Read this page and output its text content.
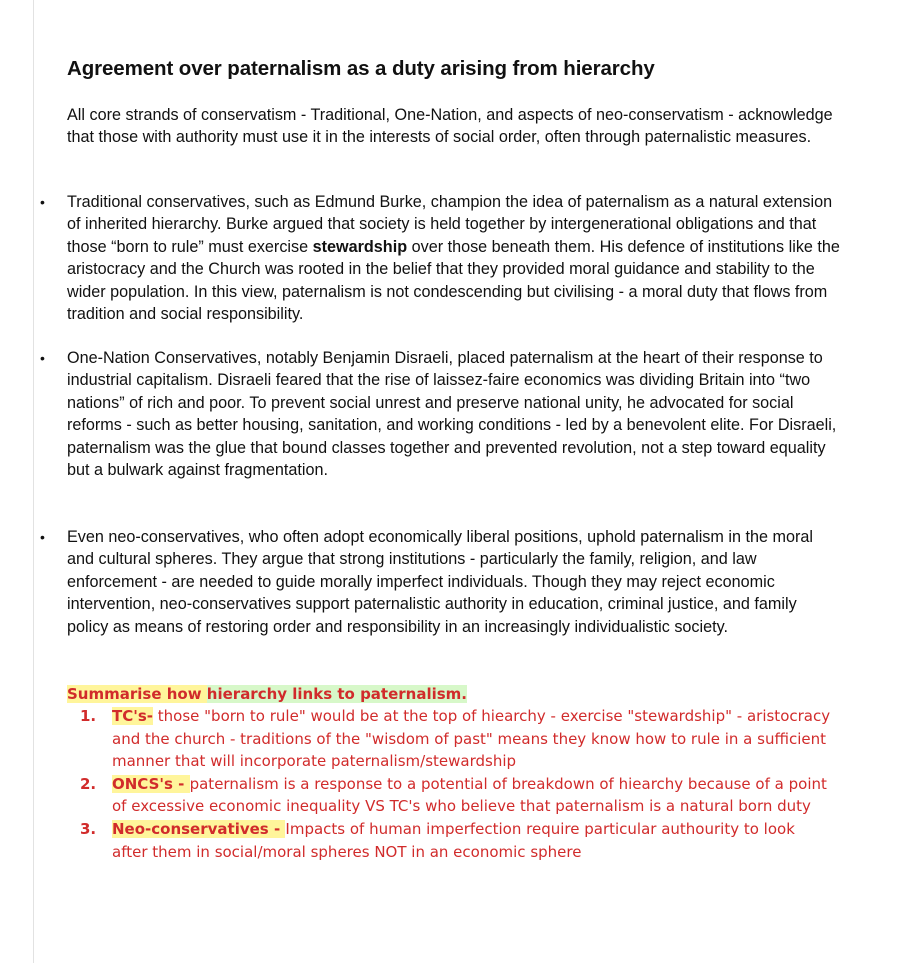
Agreement over paternalism as a duty arising from hierarchy

All core strands of conservatism - Traditional, One-Nation, and aspects of neo-conservatism - acknowledge that those with authority must use it in the interests of social order, often through paternalistic measures.

• Traditional conservatives, such as Edmund Burke, champion the idea of paternalism as a natural extension of inherited hierarchy. Burke argued that society is held together by intergenerational obligations and that those “born to rule” must exercise stewardship over those beneath them. His defence of institutions like the aristocracy and the Church was rooted in the belief that they provided moral guidance and stability to the wider population. In this view, paternalism is not condescending but civilising - a moral duty that flows from tradition and social responsibility.
• One-Nation Conservatives, notably Benjamin Disraeli, placed paternalism at the heart of their response to industrial capitalism. Disraeli feared that the rise of laissez-faire economics was dividing Britain into “two nations” of rich and poor. To prevent social unrest and preserve national unity, he advocated for social reforms - such as better housing, sanitation, and working conditions - led by a benevolent elite. For Disraeli, paternalism was the glue that bound classes together and prevented revolution, not a step toward equality but a bulwark against fragmentation.
• Even neo-conservatives, who often adopt economically liberal positions, uphold paternalism in the moral and cultural spheres. They argue that strong institutions - particularly the family, religion, and law enforcement - are needed to guide morally imperfect individuals. Though they may reject economic intervention, neo-conservatives support paternalistic authority in education, criminal justice, and family policy as means of restoring order and responsibility in an increasingly individualistic society.

Summarise how hierarchy links to paternalism.

1. TC's- those "born to rule" would be at the top of hiearchy - exercise "stewardship" - aristocracy and the church - traditions of the "wisdom of past" means they know how to rule in a sufficient manner that will incorporate paternalism/stewardship
2. ONCS's - paternalism is a response to a potential of breakdown of hiearchy because of a point of excessive economic inequality VS TC's who believe that paternalism is a natural born duty
3. Neo-conservatives - Impacts of human imperfection require particular authourity to look after them in social/moral spheres NOT in an economic sphere
